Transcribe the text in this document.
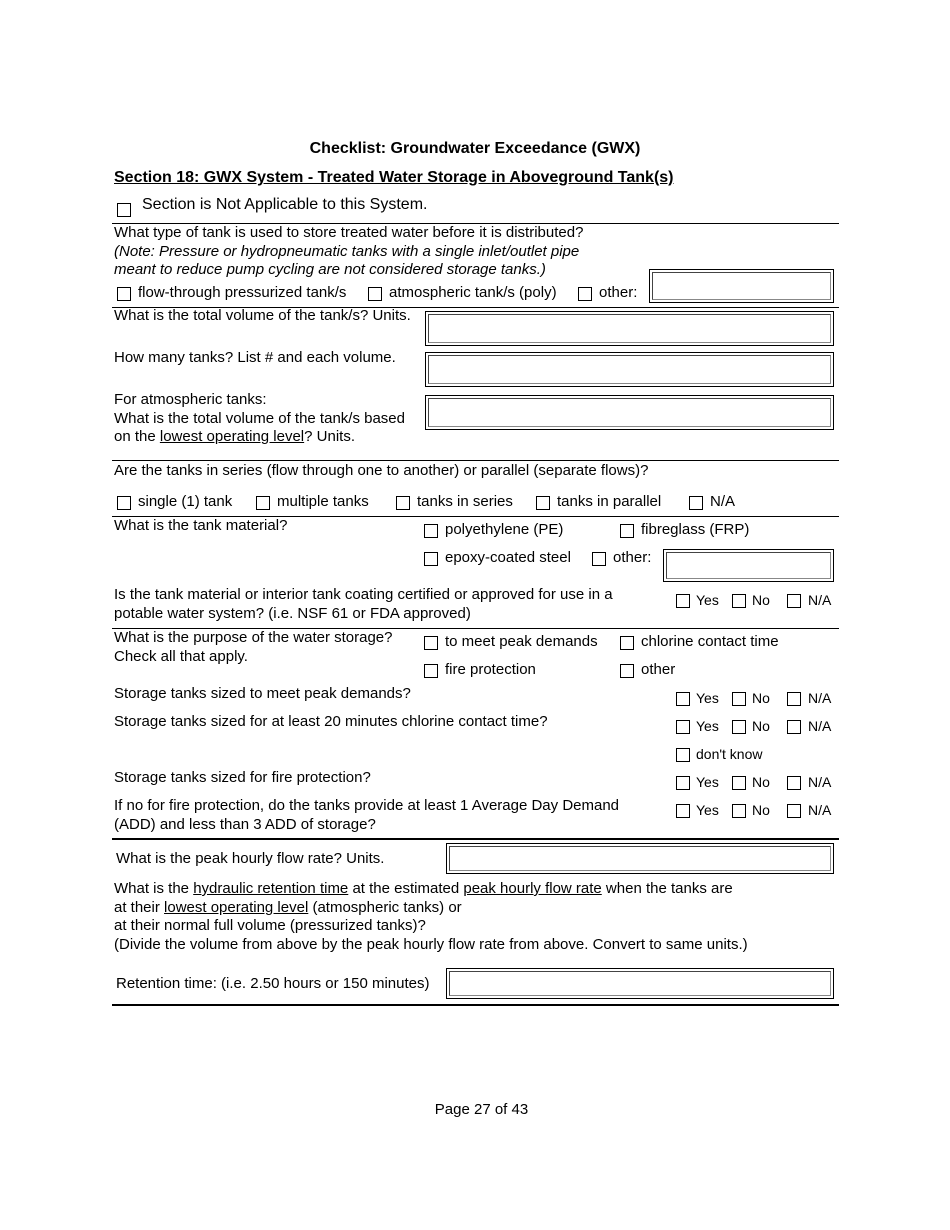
Checklist: Groundwater Exceedance (GWX)
Section 18: GWX System - Treated Water Storage in Aboveground Tank(s)
Section is Not Applicable to this System.
What type of tank is used to store treated water before it is distributed?
(Note: Pressure or hydropneumatic tanks with a single inlet/outlet pipe
meant to reduce pump cycling are not considered storage tanks.)
flow-through pressurized tank/s	atmospheric tank/s (poly)	other:
What is the total volume of the tank/s? Units.
How many tanks? List # and each volume.
For atmospheric tanks:
What is the total volume of the tank/s based
on the lowest operating level? Units.
Are the tanks in series (flow through one to another) or parallel (separate flows)?
single (1) tank	multiple tanks	tanks in series	tanks in parallel	N/A
What is the tank material?	polyethylene (PE)	fibreglass (FRP)
epoxy-coated steel	other:
Is the tank material or interior tank coating certified or approved for use in a
potable water system? (i.e. NSF 61 or FDA approved)
Yes No	N/A
What is the purpose of the water storage?
Check all that apply.
to meet peak demands	chlorine contact time
fire protection	other
Storage tanks sized to meet peak demands?	Yes No	N/A
Storage tanks sized for at least 20 minutes chlorine contact time?	Yes No	N/A
don't know
Storage tanks sized for fire protection?	Yes No	N/A
If no for fire protection, do the tanks provide at least 1 Average Day Demand
(ADD) and less than 3 ADD of storage?
Yes No	N/A
What is the peak hourly flow rate? Units.
What is the hydraulic retention time at the estimated peak hourly flow rate when the tanks are
at their lowest operating level (atmospheric tanks) or
at their normal full volume (pressurized tanks)?
(Divide the volume from above by the peak hourly flow rate from above. Convert to same units.)
Retention time: (i.e. 2.50 hours or 150 minutes)
Page 27 of 43
